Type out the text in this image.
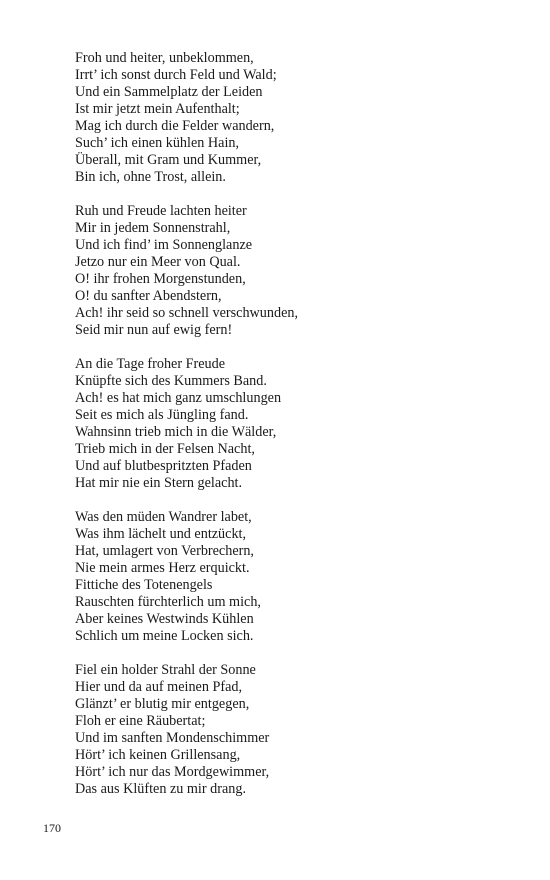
Froh und heiter, unbeklommen,
Irrt’ ich sonst durch Feld und Wald;
Und ein Sammelplatz der Leiden
Ist mir jetzt mein Aufenthalt;
Mag ich durch die Felder wandern,
Such’ ich einen kühlen Hain,
Überall, mit Gram und Kummer,
Bin ich, ohne Trost, allein.
Ruh und Freude lachten heiter
Mir in jedem Sonnenstrahl,
Und ich find’ im Sonnenglanze
Jetzo nur ein Meer von Qual.
O! ihr frohen Morgenstunden,
O! du sanfter Abendstern,
Ach! ihr seid so schnell verschwunden,
Seid mir nun auf ewig fern!
An die Tage froher Freude
Knüpfte sich des Kummers Band.
Ach! es hat mich ganz umschlungen
Seit es mich als Jüngling fand.
Wahnsinn trieb mich in die Wälder,
Trieb mich in der Felsen Nacht,
Und auf blutbespritzten Pfaden
Hat mir nie ein Stern gelacht.
Was den müden Wandrer labet,
Was ihm lächelt und entzückt,
Hat, umlagert von Verbrechern,
Nie mein armes Herz erquickt.
Fittiche des Totenengels
Rauschten fürchterlich um mich,
Aber keines Westwinds Kühlen
Schlich um meine Locken sich.
Fiel ein holder Strahl der Sonne
Hier und da auf meinen Pfad,
Glänzt’ er blutig mir entgegen,
Floh er eine Räubertat;
Und im sanften Mondenschimmer
Hört’ ich keinen Grillensang,
Hört’ ich nur das Mordgewimmer,
Das aus Klüften zu mir drang.
170
